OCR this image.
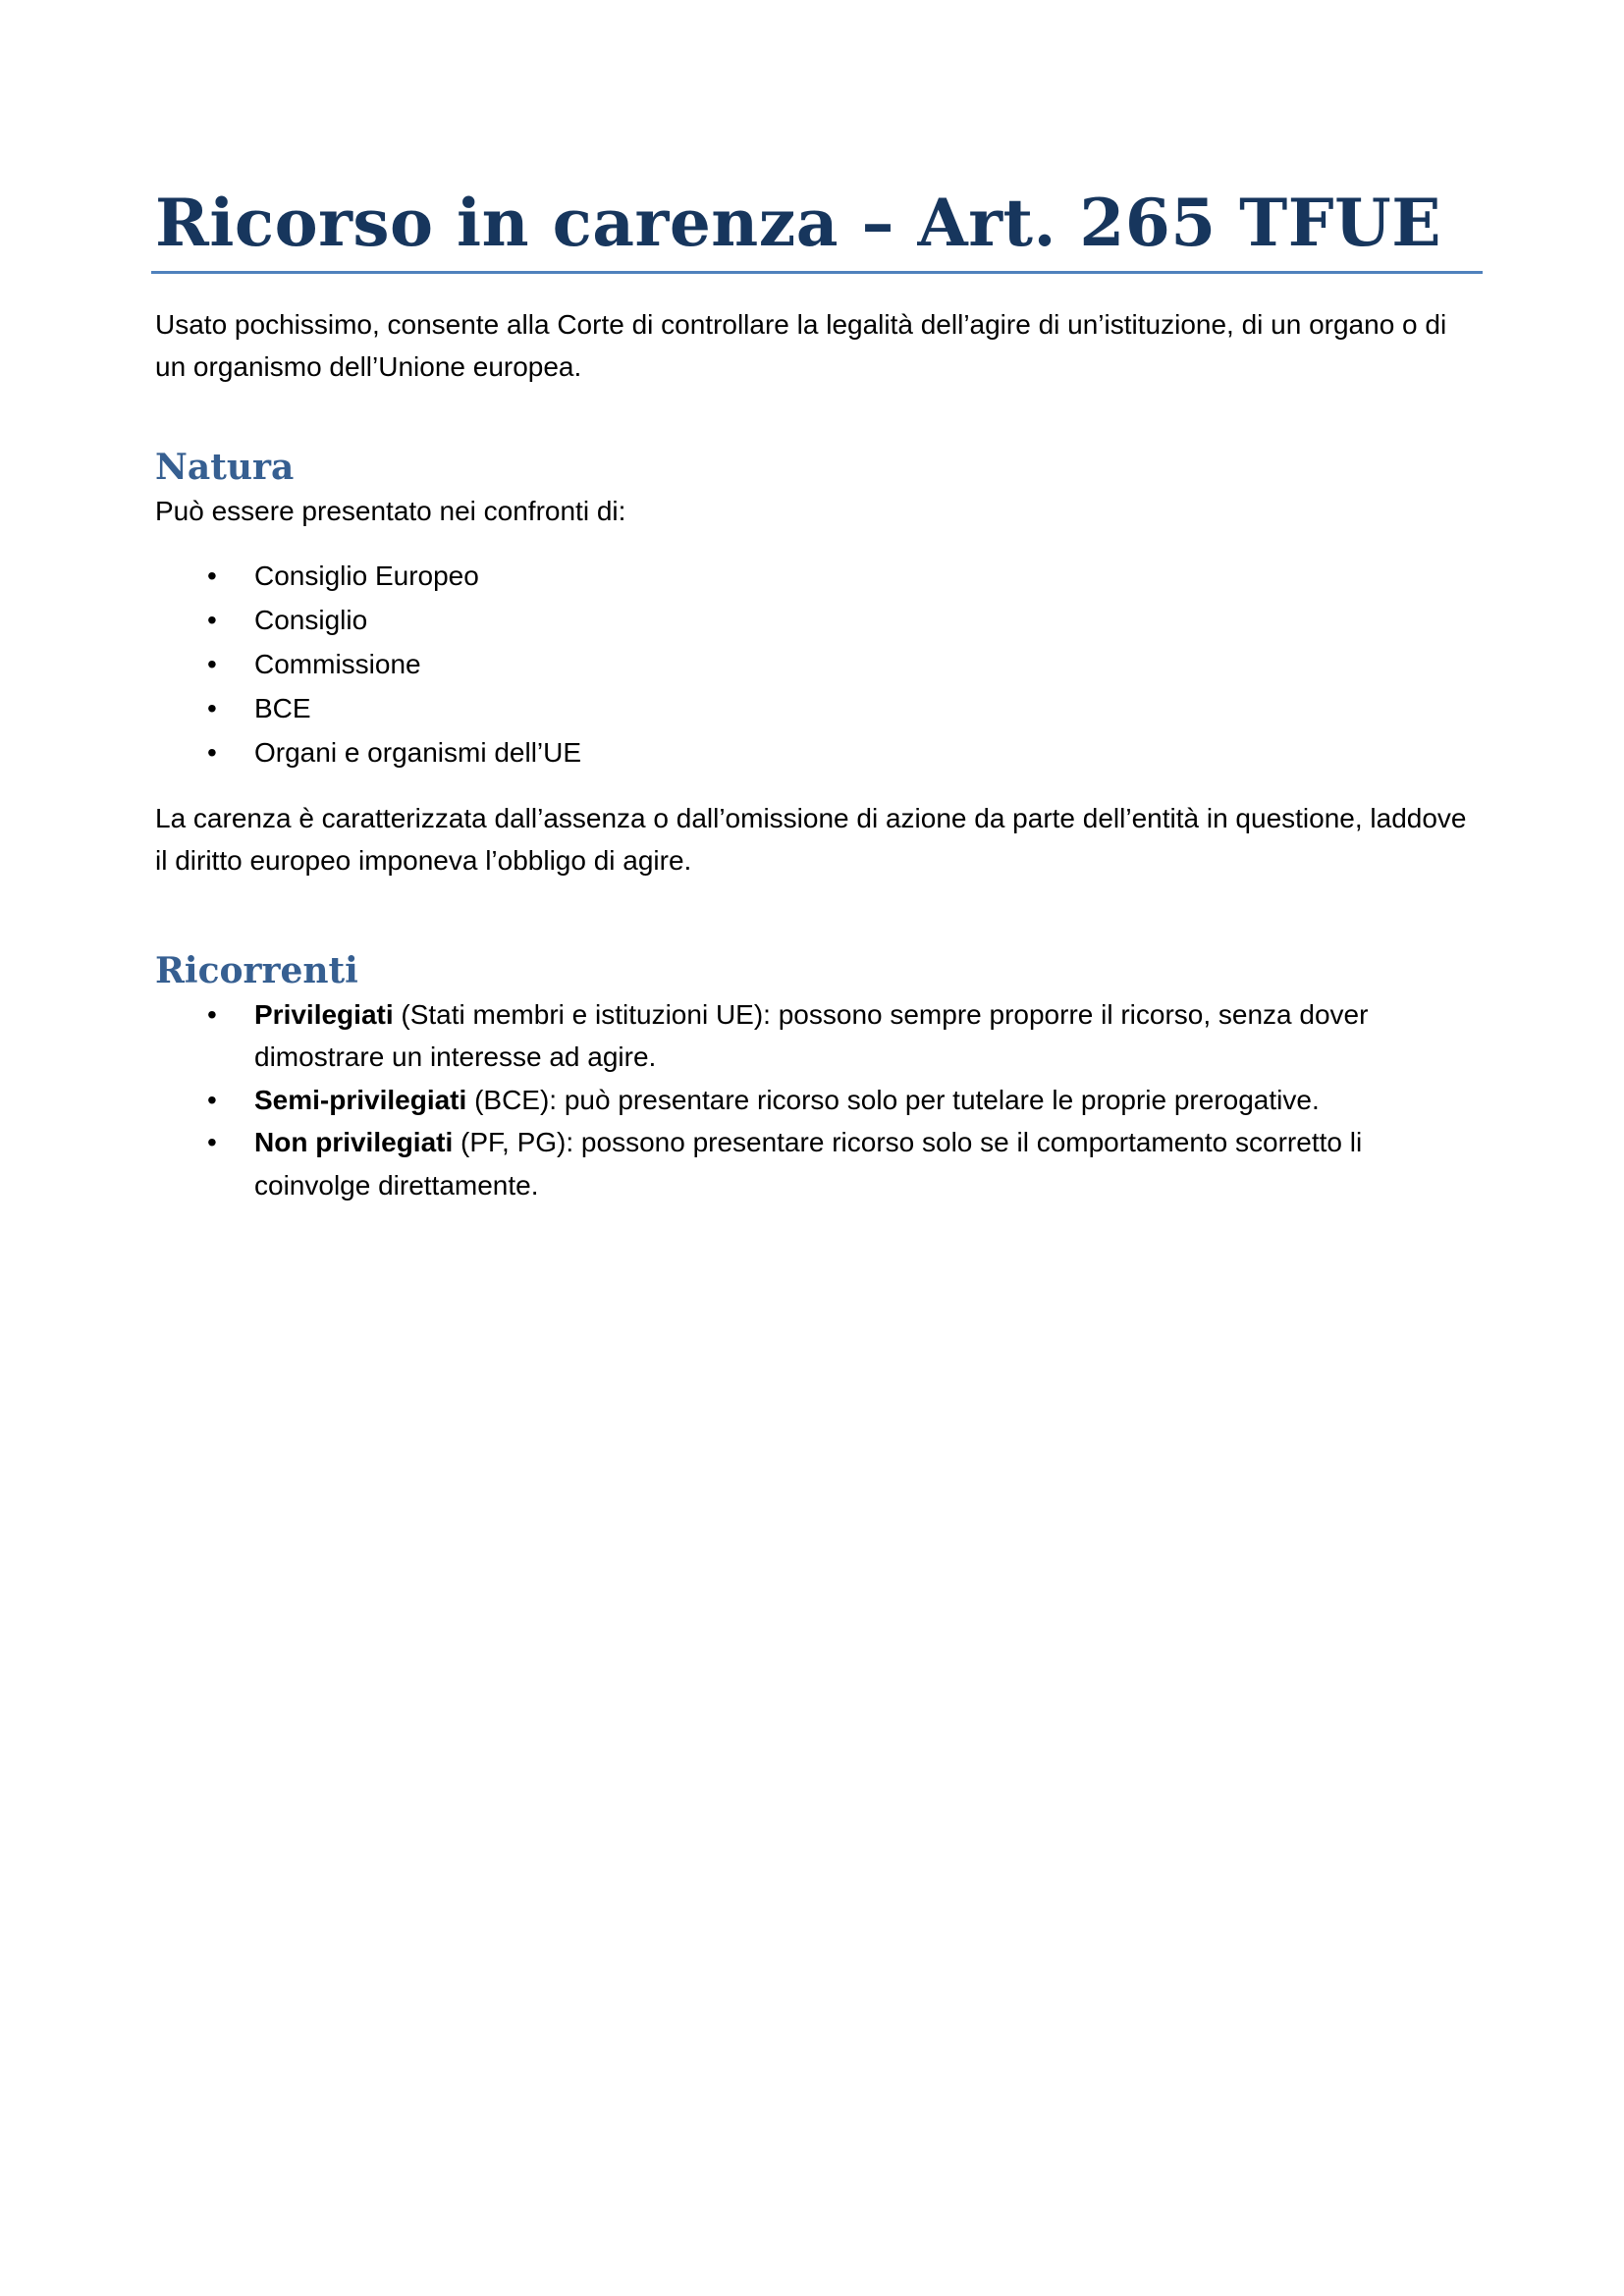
Ricorso in carenza – Art. 265 TFUE

Usato pochissimo, consente alla Corte di controllare la legalità dell’agire di un’istituzione, di un organo o di un organismo dell’Unione europea.

Natura

Può essere presentato nei confronti di:

• Consiglio Europeo
• Consiglio
• Commissione
• BCE
• Organi e organismi dell’UE

La carenza è caratterizzata dall’assenza o dall’omissione di azione da parte dell’entità in questione, laddove il diritto europeo imponeva l’obbligo di agire.

Ricorrenti
• Privilegiati (Stati membri e istituzioni UE): possono sempre proporre il ricorso, senza dover dimostrare un interesse ad agire.
• Semi-privilegiati (BCE): può presentare ricorso solo per tutelare le proprie prerogative.
• Non privilegiati (PF, PG): possono presentare ricorso solo se il comportamento scorretto li coinvolge direttamente.
